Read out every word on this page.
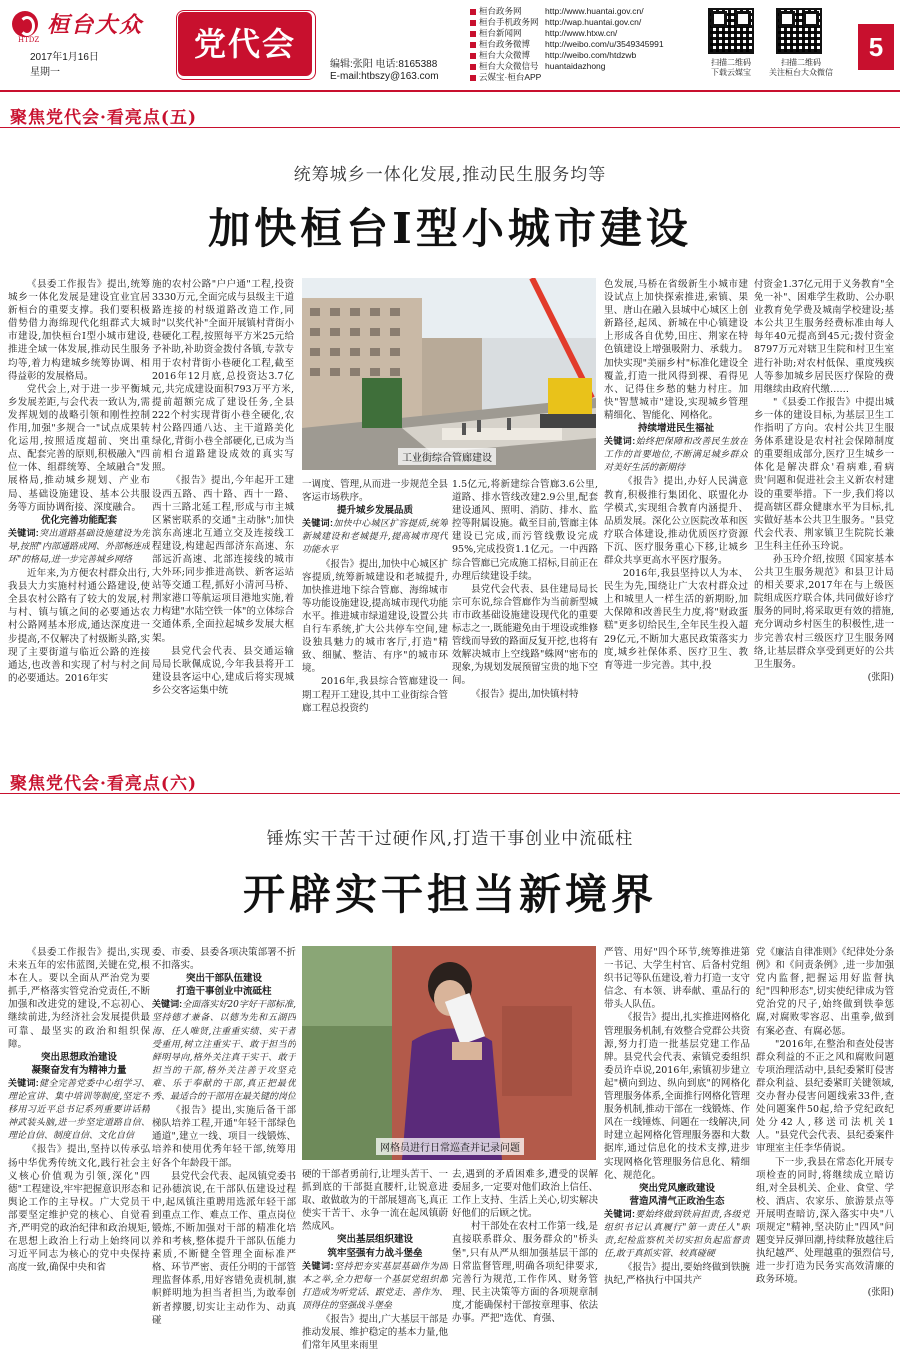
桓台大众
HTDZ
2017年1月16日
星期一
党代会
编辑:张阳 电话:8165388
E-mail:htbszy@163.com
桓台政务网	http://www.huantai.gov.cn/
桓台手机政务网 http://wap.huantai.gov.cn/
桓台新闻网	http://www.htxw.cn/
桓台政务微博	http://weibo.com/u/3549345991
桓台大众微博	http://weibo.com/htdzwb
桓台大众微信号 huantaidazhong
云媒宝·桓台APP
扫描二维码
下载云媒宝
扫描二维码
关注桓台大众微信
5
聚焦党代会·看亮点(五)
统筹城乡一体化发展,推动民生服务均等
加快桓台I型小城市建设

《县委工作报告》提出,统筹城乡一体化发展是建设宜业宜居新桓台的重要支撑。我们要积极借势借力海绵现代化组群式大城市建设,加快桓台I型小城市建设,推进全域一体发展,推动民生服务均等,着力构建城乡统筹协调、相得益彰的发展格局。

党代会上,对于进一步平衡城乡发展差距,与会代表一致认为,需发挥规划的战略引领和刚性控制作用,加强"多规合一"试点成果转化运用,按照适度超前、突出重点、配套完善的原则,积极融入"四位一体、组群统筹、全域融合"发展格局,推动城乡规划、产业布局、基础设施建设、基本公共服务等方面协调衔接、深度融合。

优化完善功能配套

关键词:突出道路基础设施建设为先导,按照"内部通路成网、外部畅连成环"的格局,进一步完善城乡网络

近年来,为方便农村群众出行,我县大力实施村村通公路建设,使全县农村公路有了较大的发展,村与村、镇与镇之间的必要通达农村公路网基本形成,通达深度进一步提高,不仅解决了村级断头路,实现了主要街道与临近公路的连接通达,也改善和实现了村与村之间的必要通达。2016年实

施的农村公路"户户通"工程,投资3330万元,全面完成与县级主干道路连接的村级道路改造工作,同时"以奖代补"全面开展镇村背街小巷硬化工程,按照每平方米25元给予补助,补助资金拨付各镇,专款专用于农村背街小巷硬化工程,截至2016年12月底,总投资达3.7亿元,共完成建设面积793万平方米,提前超额完成了建设任务,全县222个村实现背街小巷全硬化,农村公路四通八达、主干道路美化绿化,背街小巷全部硬化,已成为当前相台道路建设成效的真实写照。

《报告》提出,今年起开工建设西五路、西十路、西十一路、西十三路北延工程,形成与市主城区紧密联系的交通"主动脉";加快滨东高速北互通立交及连接线工程建设,构建起西部济东高速、东部远沂高速、北部连接线的城市大外环;同步推进高铁、新客运站站等交通工程,抓好小清河马桥、荆家港口等航运项目港地实施,着力构建"水陆空铁一体"的立体综合交通体系,全面拉起城乡发展大框架。

县党代会代表、县交通运输局局长耿佩成说,今年我县将开工建设县客运中心,建成后将实现城乡公交客运集中统

工业街综合管廊建设

一调度、管理,从而进一步规范全县客运市场秩序。

提升城乡发展品质

关键词:加快中心城区扩容提质,统筹新城建设和老城提升,提高城市现代功能水平

《报告》提出,加快中心城区扩容提质,统筹新城建设和老城提升,加快推进地下综合管廊、海绵城市等功能设施建设,提高城市现代功能水平。推进城市绿道建设,设置公共自行车系统,扩大公共停车空间,建设独具魅力的城市客厅,打造"精致、细腻、整洁、有序"的城市环境。

2016年,我县综合管廊建设一期工程开工建设,其中工业街综合管廊工程总投资约

1.5亿元,将新建综合管廊3.6公里,道路、排水管线改建2.9公里,配套建设通风、照明、消防、排水、监控等附属设施。截至目前,管廊主体建设已完成,而污管线敷设完成95%,完成投资1.1亿元。一中西路综合管廊已完成施工招标,目前正在办理后续建设手续。

县党代会代表、县住建局局长宗可东说,综合管廊作为当前新型城市市政基础设施建设现代化的重要标志之一,既能避免由于埋设或维修管线而导致的路面反复开挖,也将有效解决城市上空线路"蛛网"密布的现象,为规划发展预留宝贵的地下空间。

《报告》提出,加快镇村特

色发展,马桥在省级新生小城市建设试点上加快探索推进,索镇、果里、唐山在融入县城中心城区上创新路径,起凤、新城在中心镇建设上形成各自优势,田庄、荆家在特色镇建设上增强吸附力、承载力。加快实现"美丽乡村"标准化建设全覆盖,打造一批风得到裸、看得见水、记得住乡愁的魅力村庄。加快"智慧城市"建设,实现城乡管理精细化、智能化、网格化。

持续增进民生福祉

关键词:始终把保障和改善民生放在工作的首要地位,不断满足城乡群众对美好生活的新期待

《报告》提出,办好人民满意教育,积极推行集团化、联盟化办学模式,实现组合教育内涵提升、品质发展。深化公立医院改革和医疗联合体建设,推动优质医疗资源下沉、医疗服务重心下移,让城乡群众共享更高水平医疗服务。

2016年,我县坚持以人为本、民生为先,围绕让广大农村群众过上和城里人一样生活的新期盼,加大保障和改善民生力度,将"财政蛋糕"更多切给民生,全年民生投入超29亿元,不断加大惠民政策落实力度,城乡社保体系、医疗卫生、教育等进一步完善。其中,投

付资金1.37亿元用于义务教育"全免一补"、困难学生救助、公办职业教育免学费及城南学校建设;基本公共卫生服务经费标准由每人每年40元提高到45元;拨付资金8797万元对辖卫生院和村卫生室进行补助;对农村低保、重度残疾人等参加城乡居民医疗保险的费用继续由政府代缴……

"《县委工作报告》中提出城乡一体的建设目标,为基层卫生工作指明了方向。农村公共卫生服务体系建设是农村社会保障制度的重要组成部分,医疗卫生城乡一体化是解决群众'看病难,看病贵'问题和促进社会主义新农村建设的重要举措。下一步,我们将以提高辖区群众健康水平为目标,扎实做好基本公共卫生服务。"县党代会代表、荆家镇卫生院院长兼卫生科主任孙玉玲说。

孙玉玲介绍,按照《国家基本公共卫生服务规范》和县卫计局的相关要求,2017年在与上级医院组成医疗联合体,共同做好诊疗服务的同时,将采取更有效的措施,充分调动乡村医生的积极性,进一步完善农村三级医疗卫生服务网络,让基层群众享受到更好的公共卫生服务。

(张阳)

聚焦党代会·看亮点(六)
锤炼实干苦干过硬作风,打造干事创业中流砥柱
开辟实干担当新境界

《县委工作报告》提出,实现未来五年的宏伟蓝图,关键在党,根本在人。要以全面从严治党为要抓手,严格落实管党治党责任,不断加强和改进党的建设,不忘初心、继续前进,为经济社会发展提供最可靠、最坚实的政治和组织保障。

突出思想政治建设

凝聚奋发有为精神力量

关键词:健全完善党委中心组学习、理论宣讲、集中培训等制度,坚定不移用习近平总书记系列重要讲话精神武装头脑,进一步坚定道路自信、理论自信、制度自信、文化自信

《报告》提出,坚持以传承弘扬中华优秀传统文化,践行社会主义核心价值观为引领,深化"四德"工程建设,牢牢把握意识形态和舆论工作的主导权。广大党员干部要坚定维护党的核心、自觉看齐,严明党的政治纪律和政治规矩,在思想上政治上行动上始终同以习近平同志为核心的党中央保持高度一致,确保中央和省

委、市委、县委各项决策部署不折不扣落实。

突出干部队伍建设

打造干事创业中流砥柱

关键词:全面落实好20字好干部标准,坚持德才兼备、以德为先和五湖四海、任人唯贤,注重重实绩、实干者受重用,树立注重实干、敢于担当的鲜明导向,格外关注真干实干、敢于担当的干部,格外关注善于攻坚克难、乐于奉献的干部,真正把最优秀、最适合的干部用在最关键的岗位

《报告》提出,实施后备干部梯队培养工程,开通"年轻干部绿色通道",建立一线、项目一线锻炼、培养和使用优秀年轻干部,统筹用好各个年龄段干部。

县党代会代表、起凤镇党委书记孙德滨说,在干部队伍建设过程中,起凤镇注重聘用选派年轻干部到重点工作、难点工作、重点岗位锻炼,不断加强对干部的精准化培养和考核,整体提升干部队伍能力素质,不断健全管理全面标准严格、环节严密、责任分明的干部管理监督体系,用好容错免责机制,旗帜鲜明地为担当者担当,为敢奉创新者撑腰,切实让主动作为、动真碰

网格员进行日常巡查并记录问题

硬的干部者勇前行,让埋头苦干、一抓到底的干部挺直腰杆,让锐意进取、敢做敢为的干部展翅高飞,真正使实干苦干、永争一流在起凤镇蔚然成风。

突出基层组织建设

筑牢坚强有力战斗堡垒

关键词:坚持把夯实基层基础作为固本之举,全力把每一个基层党组织都打造成为听党话、跟党走、善作为、顶得住的坚强战斗堡垒

《报告》提出,广大基层干部是推动发展、维护稳定的基本力量,他们常年风里来雨里

去,遇到的矛盾困难多,遭受的误解委屈多,一定要对他们政治上信任、工作上支持、生活上关心,切实解决好他们的后顾之忧。

村干部处在农村工作第一线,是直接联系群众、服务群众的"桥头堡",只有从严从细加强基层干部的日常监督管理,明确各项纪律要求,完善行为规范,工作作风、财务管理、民主决策等方面的各项规章制度,才能确保村干部按章理事、依法办事。严把"选优、育强、

严管、用好"四个环节,统筹推进第一书记、大学生村官、后备村党组织书记等队伍建设,着力打造一支守信念、有本领、讲奉献、重品行的带头人队伍。

《报告》提出,扎实推进网格化管理服务机制,有效整合党群公共资源,努力打造一批基层党建工作品牌。县党代会代表、索镇党委组织委员许卓说,2016年,索镇初步建立起"横向到边、纵向到底"的网格化管理服务体系,全面推行网格化管理服务机制,推动干部在一线锻炼、作风在一线锤炼、问题在一线解决,同时建立起网格化管理服务器和大数据库,通过信息化的技术支撑,进步实现网格化管理服务信息化、精细化、规范化。

突出党风廉政建设

营造风清气正政治生态

关键词:要始终做到铁肩担责,各级党组织书记认真履行"第一责任人"职责,纪检监察机关切实担负起监督责任,敢于真抓实管、较真碰硬

《报告》提出,要始终做到铁腕执纪,严格执行中国共产

党《廉洁自律准则》《纪律处分条例》和《问责条例》,进一步加强党内监督,把握运用好监督执纪"四种形态",切实使纪律成为管党治党的尺子,始终做到铁拳惩腐,对腐败零容忍、出重拳,做到有案必查、有腐必惩。

"2016年,在整治和查处侵害群众利益的不正之风和腐败问题专项治理活动中,县纪委紧盯侵害群众利益、县纪委紧盯关键领域,交办督办侵害问题线索33件,查处问题案件50起,给予党纪政纪处分42人,移送司法机关1人。"县党代会代表、县纪委案件审理室主任李华倩说。

下一步,我县在常态化开展专项检查的同时,将继续成立暗访组,对全县机关、企业、食堂、学校、酒店、农家乐、旅游景点等开展明查暗访,深入落实中央"八项规定"精神,坚决防止"四风"问题变异反弹回潮,持续释放越往后执纪越严、处理越重的强烈信号,进一步打造为民务实高效清廉的政务环境。

(张阳)
